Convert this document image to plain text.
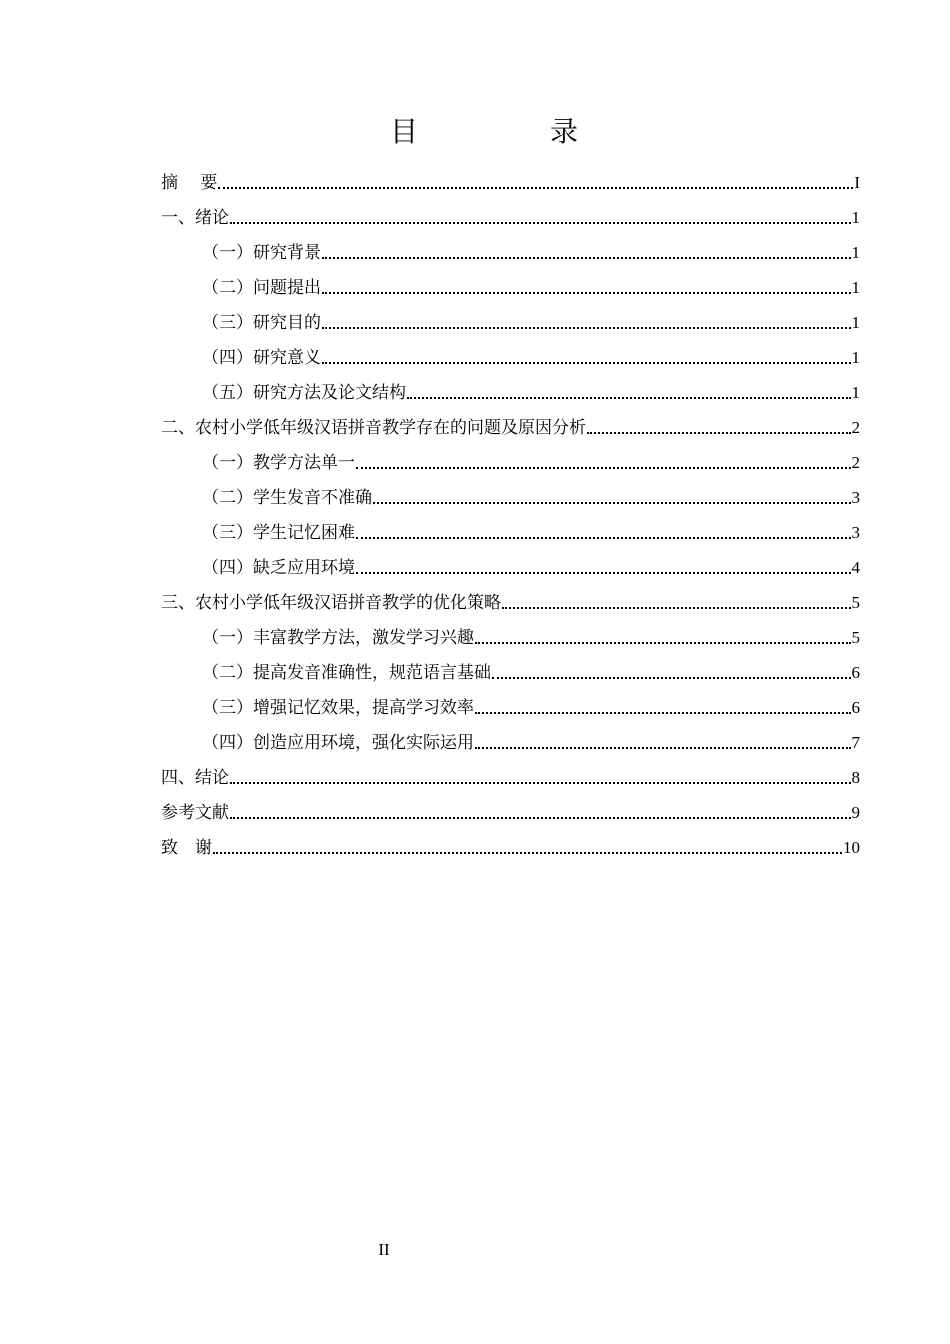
目　录
摘　 要	I
一、绪论	1
（一）研究背景	1
（二）问题提出	1
（三）研究目的	1
（四）研究意义	1
（五）研究方法及论文结构	1
二、农村小学低年级汉语拼音教学存在的问题及原因分析	2
（一）教学方法单一	2
（二）学生发音不准确	3
（三）学生记忆困难	3
（四）缺乏应用环境	4
三、农村小学低年级汉语拼音教学的优化策略	5
（一）丰富教学方法，激发学习兴趣	5
（二）提高发音准确性，规范语言基础	6
（三）增强记忆效果，提高学习效率	6
（四）创造应用环境，强化实际运用	7
四、结论	8
参考文献	9
致　谢	10
II
